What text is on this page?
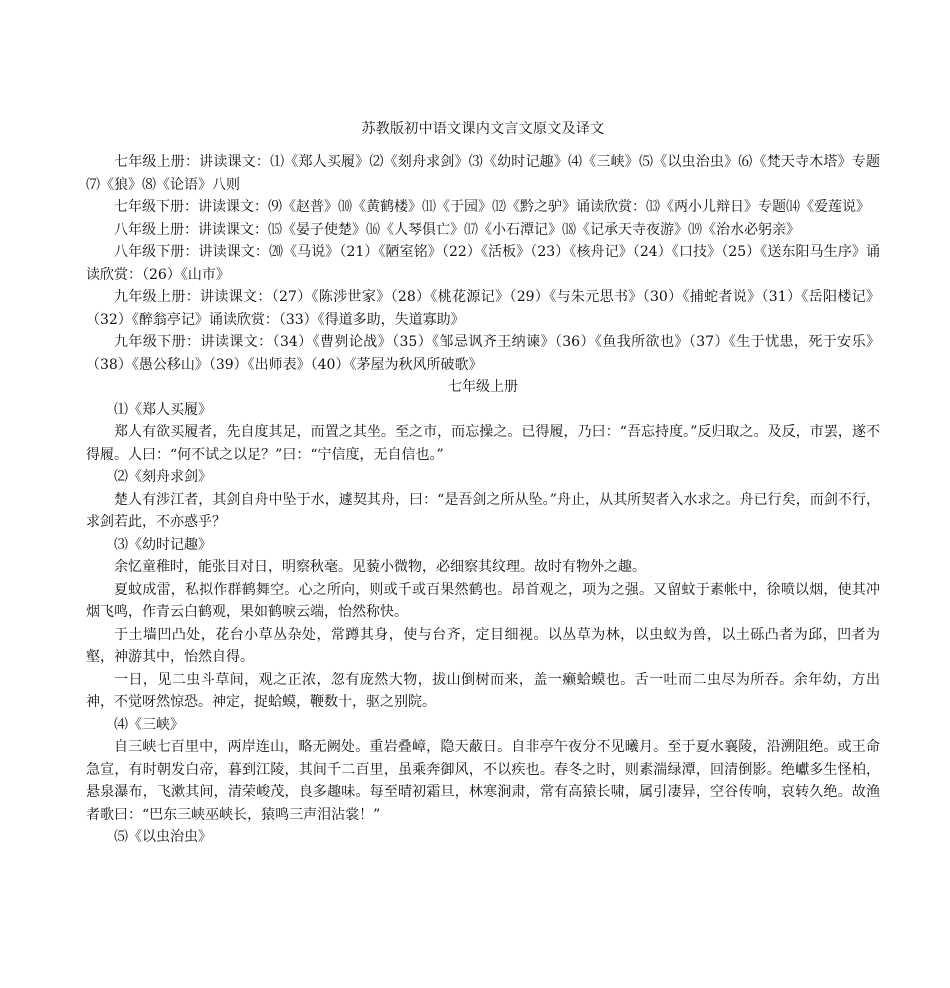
苏教版初中语文课内文言文原文及译文

七年级上册：讲读课文：⑴《郑人买履》⑵《刻舟求剑》⑶《幼时记趣》⑷《三峡》⑸《以虫治虫》⑹《梵天寺木塔》专题⑺《狼》⑻《论语》八则

七年级下册：讲读课文：⑼《赵普》⑽《黄鹤楼》⑾《于园》⑿《黔之驴》诵读欣赏：⒀《两小儿辩日》专题⒁《爱莲说》

八年级上册：讲读课文：⒂《晏子使楚》⒃《人琴俱亡》⒄《小石潭记》⒅《记承天寺夜游》⒆《治水必躬亲》

八年级下册：讲读课文：⒇《马说》（21）《陋室铭》（22）《活板》（23）《核舟记》（24）《口技》（25）《送东阳马生序》诵读欣赏：（26）《山市》

九年级上册：讲读课文：（27）《陈涉世家》（28）《桃花源记》（29）《与朱元思书》（30）《捕蛇者说》（31）《岳阳楼记》（32）《醉翁亭记》诵读欣赏：（33）《得道多助，失道寡助》

九年级下册：讲读课文：（34）《曹刿论战》（35）《邹忌讽齐王纳谏》（36）《鱼我所欲也》（37）《生于忧患，死于安乐》（38）《愚公移山》（39）《出师表》（40）《茅屋为秋风所破歌》

七年级上册

⑴《郑人买履》

郑人有欲买履者，先自度其足，而置之其坐。至之市，而忘操之。已得履，乃曰：“吾忘持度。”反归取之。及反，市罢，遂不得履。人曰：“何不试之以足？”曰：“宁信度，无自信也。”

⑵《刻舟求剑》

楚人有涉江者，其剑自舟中坠于水，遽契其舟，曰：“是吾剑之所从坠。”舟止，从其所契者入水求之。舟已行矣，而剑不行，求剑若此，不亦惑乎？

⑶《幼时记趣》

余忆童稚时，能张目对日，明察秋毫。见藐小微物，必细察其纹理。故时有物外之趣。

夏蚊成雷，私拟作群鹤舞空。心之所向，则或千或百果然鹤也。昂首观之，项为之强。又留蚊于素帐中，徐喷以烟，使其冲烟飞鸣，作青云白鹤观，果如鹤唳云端，怡然称快。

于土墙凹凸处，花台小草丛杂处，常蹲其身，使与台齐，定目细视。以丛草为林，以虫蚁为兽，以土砾凸者为邱，凹者为壑，神游其中，怡然自得。

一日，见二虫斗草间，观之正浓，忽有庞然大物，拔山倒树而来，盖一癞蛤蟆也。舌一吐而二虫尽为所吞。余年幼，方出神，不觉呀然惊恐。神定，捉蛤蟆，鞭数十，驱之别院。

⑷《三峡》

自三峡七百里中，两岸连山，略无阙处。重岩叠嶂，隐天蔽日。自非亭午夜分不见曦月。至于夏水襄陵，沿溯阻绝。或王命急宣，有时朝发白帝，暮到江陵，其间千二百里，虽乘奔御风，不以疾也。春冬之时，则素湍绿潭，回清倒影。绝巘多生怪柏，悬泉瀑布，飞漱其间，清荣峻茂，良多趣味。每至晴初霜旦，林寒涧肃，常有高猿长啸，属引凄异，空谷传响，哀转久绝。故渔者歌曰：“巴东三峡巫峡长，猿鸣三声泪沾裳！”

⑸《以虫治虫》
